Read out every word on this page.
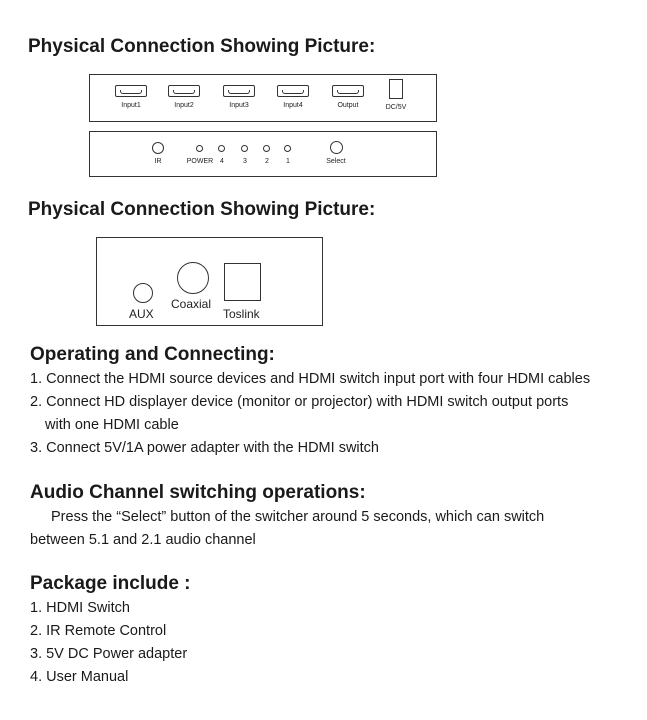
Physical Connection Showing Picture:
Input1	Input2	Input3	Input4	Output	DC/5V
IR	POWER 4	3	2	1	Select
Physical Connection Showing Picture:
AUX
Coaxial
Toslink
Operating and Connecting:
1. Connect the HDMI source devices and HDMI switch input port with four HDMI cables
2. Connect HD displayer device (monitor or projector) with HDMI switch output ports
with one HDMI cable
3. Connect 5V/1A power adapter with the HDMI switch
Audio Channel switching operations:
Press the “Select” button of the switcher around 5 seconds, which can switch
between 5.1 and 2.1 audio channel
Package include :
1. HDMI Switch
2. IR Remote Control
3. 5V DC Power adapter
4. User Manual
